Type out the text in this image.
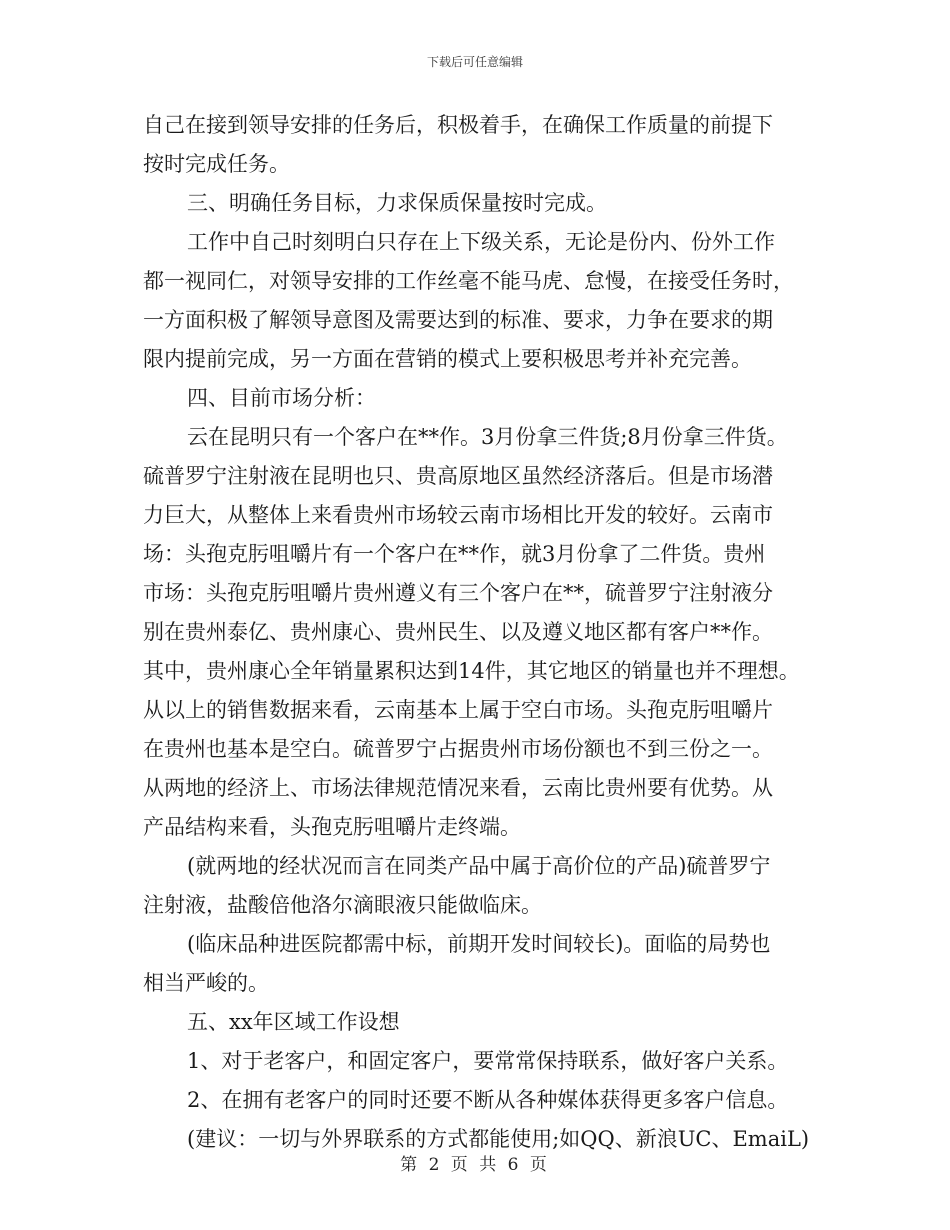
下载后可任意编辑
自己在接到领导安排的任务后，积极着手，在确保工作质量的前提下
按时完成任务。
三、明确任务目标，力求保质保量按时完成。
工作中自己时刻明白只存在上下级关系，无论是份内、份外工作
都一视同仁，对领导安排的工作丝毫不能马虎、怠慢，在接受任务时，
一方面积极了解领导意图及需要达到的标准、要求，力争在要求的期
限内提前完成，另一方面在营销的模式上要积极思考并补充完善。
四、目前市场分析：
云在昆明只有一个客户在**作。3月份拿三件货;8月份拿三件货。
硫普罗宁注射液在昆明也只、贵高原地区虽然经济落后。但是市场潜
力巨大，从整体上来看贵州市场较云南市场相比开发的较好。云南市
场：头孢克肟咀嚼片有一个客户在**作，就3月份拿了二件货。贵州
市场：头孢克肟咀嚼片贵州遵义有三个客户在**，硫普罗宁注射液分
别在贵州泰亿、贵州康心、贵州民生、以及遵义地区都有客户**作。
其中，贵州康心全年销量累积达到14件，其它地区的销量也并不理想。
从以上的销售数据来看，云南基本上属于空白市场。头孢克肟咀嚼片
在贵州也基本是空白。硫普罗宁占据贵州市场份额也不到三份之一。
从两地的经济上、市场法律规范情况来看，云南比贵州要有优势。从
产品结构来看，头孢克肟咀嚼片走终端。
(就两地的经状况而言在同类产品中属于高价位的产品)硫普罗宁
注射液，盐酸倍他洛尔滴眼液只能做临床。
(临床品种进医院都需中标，前期开发时间较长)。面临的局势也
相当严峻的。
五、xx年区域工作设想
1、对于老客户，和固定客户，要常常保持联系，做好客户关系。
2、在拥有老客户的同时还要不断从各种媒体获得更多客户信息。
(建议：一切与外界联系的方式都能使用;如QQ、新浪UC、EmaiL)
第 2 页 共 6 页
